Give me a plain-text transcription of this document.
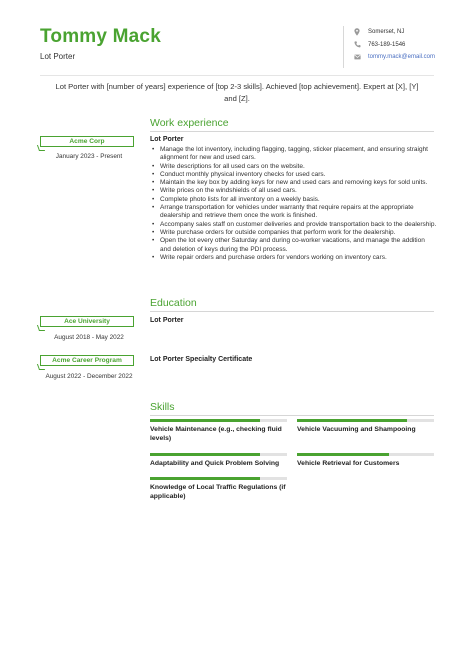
Tommy Mack
Lot Porter
Somerset, NJ
763-189-1546
tommy.mack@email.com
Lot Porter with [number of years] experience of [top 2-3 skills]. Achieved [top achievement]. Expert at [X], [Y] and [Z].
Work experience
Acme Corp
January 2023 - Present
Lot Porter
• Manage the lot inventory, including flagging, tagging, sticker placement, and ensuring straight alignment for new and used cars.
• Write descriptions for all used cars on the website.
• Conduct monthly physical inventory checks for used cars.
• Maintain the key box by adding keys for new and used cars and removing keys for sold units.
• Write prices on the windshields of all used cars.
• Complete photo lists for all inventory on a weekly basis.
• Arrange transportation for vehicles under warranty that require repairs at the appropriate dealership and retrieve them once the work is finished.
• Accompany sales staff on customer deliveries and provide transportation back to the dealership.
• Write purchase orders for outside companies that perform work for the dealership.
• Open the lot every other Saturday and during co-worker vacations, and manage the addition and deletion of keys during the PDI process.
• Write repair orders and purchase orders for vendors working on inventory cars.
Education
Ace University
August 2018 - May 2022
Lot Porter
Acme Career Program
August 2022 - December 2022
Lot Porter Specialty Certificate
Skills
Vehicle Maintenance (e.g., checking fluid levels)
Vehicle Vacuuming and Shampooing
Adaptability and Quick Problem Solving	Vehicle Retrieval for Customers
Knowledge of Local Traffic Regulations (if applicable)
